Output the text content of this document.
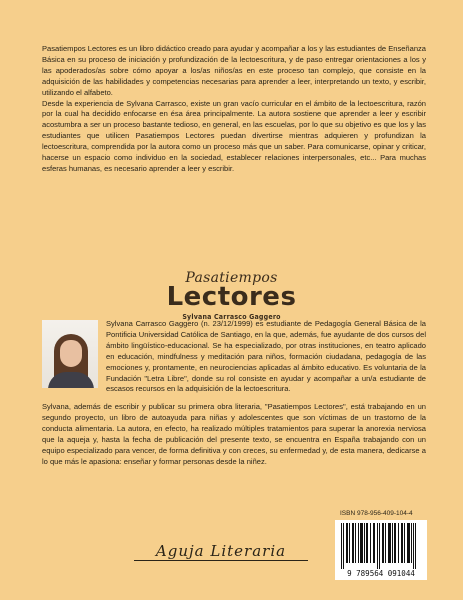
Pasatiempos Lectores es un libro didáctico creado para ayudar y acompañar a los y las estudiantes de Enseñanza Básica en su proceso de iniciación y profundización de la lectoescritura, y de paso entregar orientaciones a los y las apoderados/as sobre cómo apoyar a los/as niños/as en este proceso tan complejo, que consiste en la adquisición de las habilidades y competencias necesarias para aprender a leer, interpretando un texto, y escribir, utilizando el alfabeto.

Desde la experiencia de Sylvana Carrasco, existe un gran vacío curricular en el ámbito de la lectoescritura, razón por la cual ha decidido enfocarse en ésa área principalmente. La autora sostiene que aprender a leer y escribir acostumbra a ser un proceso bastante tedioso, en general, en las escuelas, por lo que su objetivo es que los y las estudiantes que utilicen Pasatiempos Lectores puedan divertirse mientras adquieren y profundizan la lectoescritura, comprendida por la autora como un proceso más que un saber. Para comunicarse, opinar y criticar, hacerse un espacio como individuo en la sociedad, establecer relaciones interpersonales, etc... Para muchas esferas humanas, es necesario aprender a leer y escribir.

Pasatiempos
Lectores
Sylvana Carrasco Gaggero

Sylvana Carrasco Gaggero (n. 23/12/1999) es estudiante de Pedagogía General Básica de la Pontificia Universidad Católica de Santiago, en la que, además, fue ayudante de dos cursos del ámbito lingüístico-educacional. Se ha especializado, por otras instituciones, en teatro aplicado en educación, mindfulness y meditación para niños, formación ciudadana, pedagogía de las emociones y, prontamente, en neurociencias aplicadas al ámbito educativo. Es voluntaria de la Fundación "Letra Libre", donde su rol consiste en ayudar y acompañar a un/a estudiante de escasos recursos en la adquisición de la lectoescritura.

Sylvana, además de escribir y publicar su primera obra literaria, "Pasatiempos Lectores", está trabajando en un segundo proyecto, un libro de autoayuda para niñas y adolescentes que son víctimas de un trastorno de la conducta alimentaria. La autora, en efecto, ha realizado múltiples tratamientos para superar la anorexia nerviosa que la aqueja y, hasta la fecha de publicación del presente texto, se encuentra en España trabajando con un equipo especializado para vencer, de forma definitiva y con creces, su enfermedad y, de esta manera, dedicarse a lo que más le apasiona: enseñar y formar personas desde la niñez.

ISBN 978-956-409-104-4
9 789564 091044
Aguja Literaria
